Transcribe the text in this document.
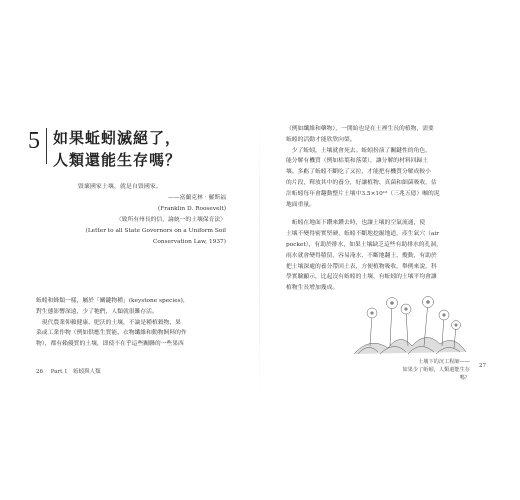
5 如果蚯蚓滅絕了，
人類還能生存嗎？
毀壞國家土壤，就是自毀國家。
——富蘭克林‧羅斯福
(Franklin D. Roosevelt)
〈致所有州長的信，論統一的土壤保育法〉
(Letter to all State Governors on a Uniform Soil
Conservation Law, 1937)

蚯蚓和蜂類一樣，屬於「關鍵物種」(keystone species)，

對生態影響深遠，少了牠們，人類就很難存活。

　現代農業仰賴健康、肥沃的土壤，不論是種植穀物、果

菜或工業作物（例如供應生質能、衣物纖維和動物飼料的作

物），都有賴優質的土壤，即使不在乎這些關聯的一些果西

26 Part 1　蚯蚓與人類

（例如纖維和藥物），一開始也是在土裡生長的植物，需要

蚯蚓的活動才能欣欣向榮。

　少了蚯蚓，土壤就會死去。蚯蚓扮演了關鍵性的角色，

能分解有機質（例如枯葉和落葉），讓分解的材料回歸土

壤。多虧了蚯蚓不斷吃了又拉，才能把有機質分解成較小

的片段，釋放其中的養分，好讓植物、真菌和細菌吸收，估

計蚯蚓每年會翻動整片土壤中3.5×10¹²（三兆五億）噸的泥

地面重量。

　蚯蚓在地面下鑽來鑽去時，也讓土壤的空氣流通，使

土壤不變得密實堅硬，蚯蚓不斷地挖掘地道，產生氣穴（air

pocket），有助於排水，如果土壤缺乏這些有助排水的孔洞，

雨水就會變得積留，容易淹水，不斷地翻土、攪動，有助於

把土壤深處的養分帶回土表，方便植物吸收，舉例來說，科

學實驗顯示，比起沒有蚯蚓的土壤，有蚯蚓的土壤平均會讓

植物生長增加幾成。

土壤下的沉工程師——
如果少了蚯蚓，人類還能生存嗎？
27
